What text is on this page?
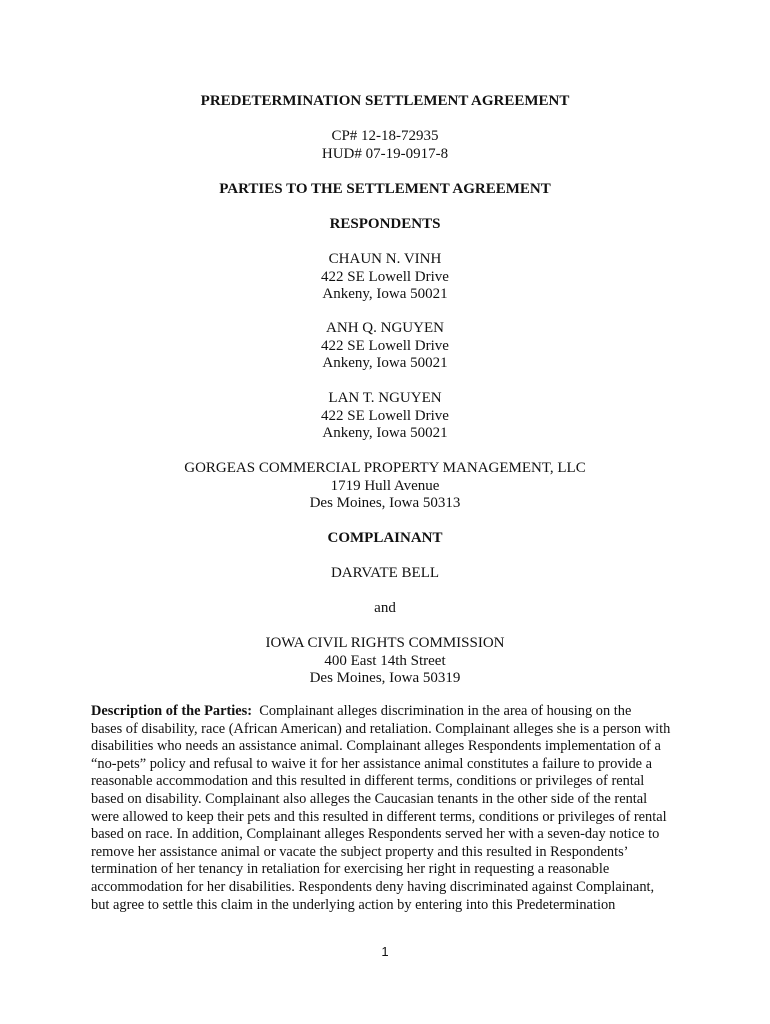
PREDETERMINATION SETTLEMENT AGREEMENT
CP# 12-18-72935
HUD# 07-19-0917-8
PARTIES TO THE SETTLEMENT AGREEMENT
RESPONDENTS
CHAUN N. VINH
422 SE Lowell Drive
Ankeny, Iowa 50021
ANH Q. NGUYEN
422 SE Lowell Drive
Ankeny, Iowa 50021
LAN T. NGUYEN
422 SE Lowell Drive
Ankeny, Iowa 50021
GORGEAS COMMERCIAL PROPERTY MANAGEMENT, LLC
1719 Hull Avenue
Des Moines, Iowa 50313
COMPLAINANT
DARVATE BELL
and
IOWA CIVIL RIGHTS COMMISSION
400 East 14th Street
Des Moines, Iowa 50319
Description of the Parties: Complainant alleges discrimination in the area of housing on the
bases of disability, race (African American) and retaliation. Complainant alleges she is a person with
disabilities who needs an assistance animal. Complainant alleges Respondents implementation of a
“no-pets” policy and refusal to waive it for her assistance animal constitutes a failure to provide a
reasonable accommodation and this resulted in different terms, conditions or privileges of rental
based on disability. Complainant also alleges the Caucasian tenants in the other side of the rental
were allowed to keep their pets and this resulted in different terms, conditions or privileges of rental
based on race. In addition, Complainant alleges Respondents served her with a seven-day notice to
remove her assistance animal or vacate the subject property and this resulted in Respondents’
termination of her tenancy in retaliation for exercising her right in requesting a reasonable
accommodation for her disabilities. Respondents deny having discriminated against Complainant,
but agree to settle this claim in the underlying action by entering into this Predetermination
1
